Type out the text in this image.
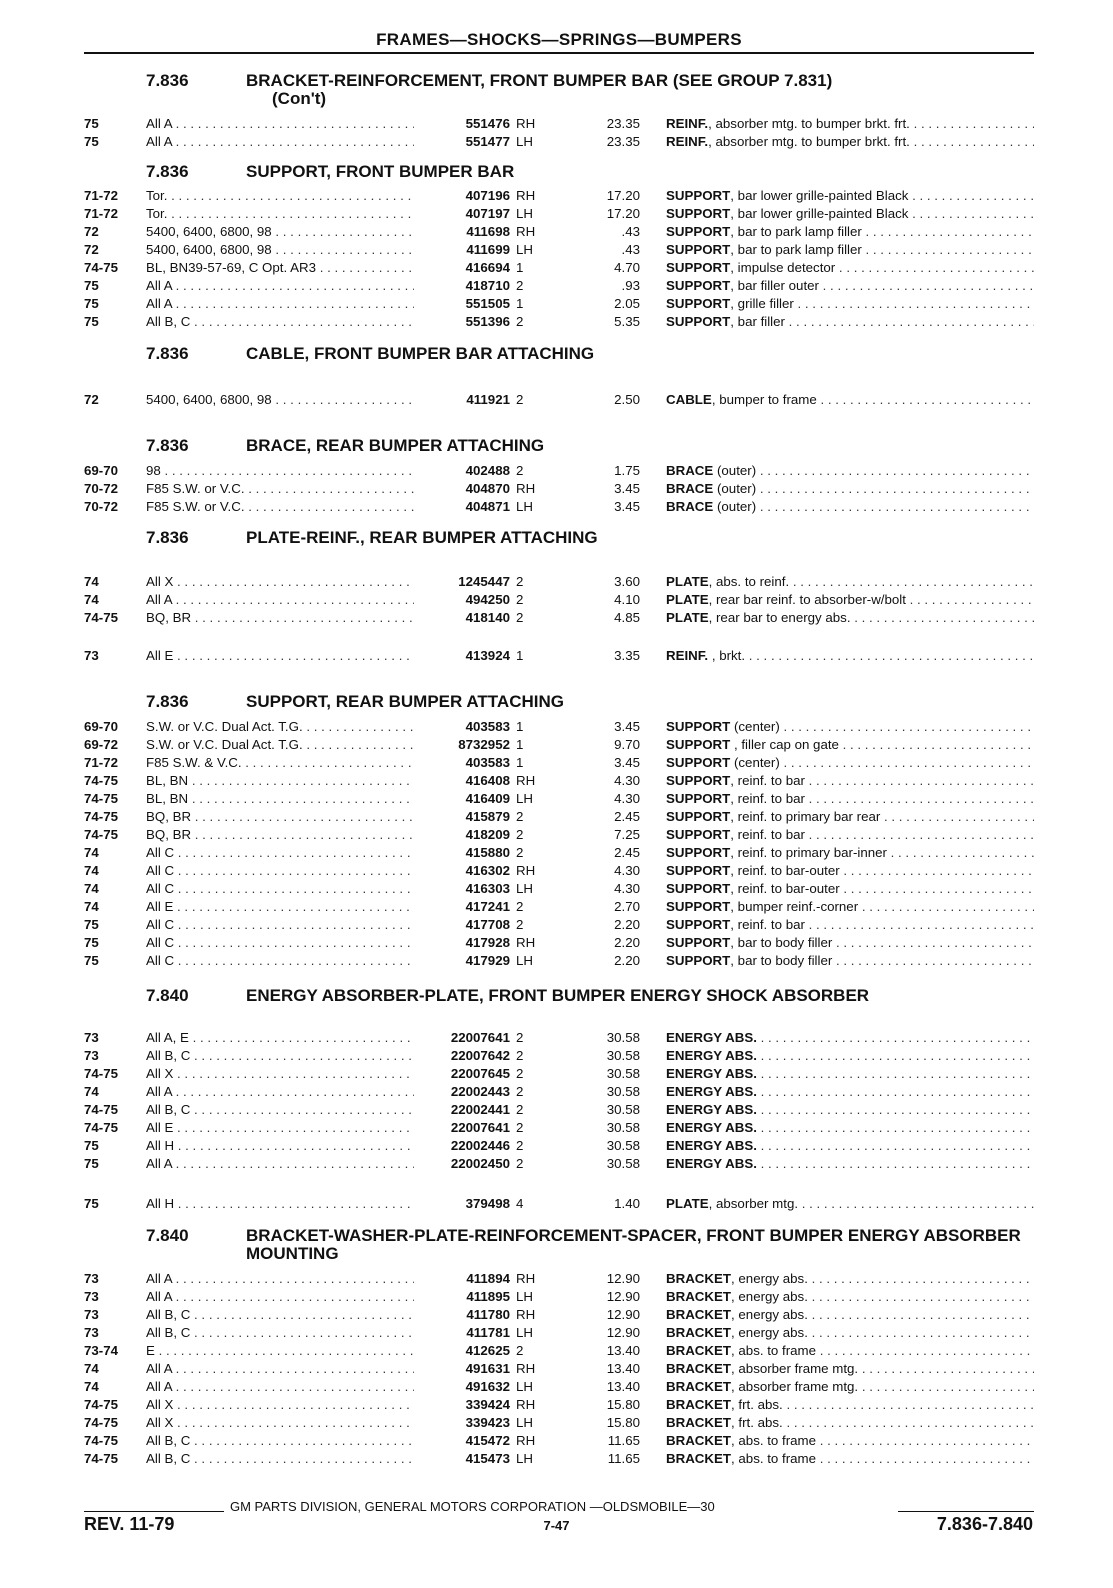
FRAMES—SHOCKS—SPRINGS—BUMPERS
7.836	BRACKET-REINFORCEMENT, FRONT BUMPER BAR (SEE GROUP 7.831)
(Con't)
75	All A . . .	551476 RH	23.35 REINF., absorber mtg. to bumper brkt. frt. . . .
75	All A . . .	551477 LH	23.35 REINF., absorber mtg. to bumper brkt. frt. . . .
7.836	SUPPORT, FRONT BUMPER BAR
71-72	Tor. . . .	407196 RH	17.20 SUPPORT, bar lower grille-painted Black . . .
71-72	Tor. . . .	407197 LH	17.20 SUPPORT, bar lower grille-painted Black . . .
72	5400, 6400, 6800, 98 . . .	411698 RH	.43 SUPPORT, bar to park lamp filler . . .
72	5400, 6400, 6800, 98 . . .	411699 LH	.43 SUPPORT, bar to park lamp filler . . .
74-75	BL, BN39-57-69, C Opt. AR3 . . .	416694 1	4.70 SUPPORT, impulse detector . . .
75	All A . . .	418710 2	.93 SUPPORT, bar filler outer . . .
75	All A . . .	551505 1	2.05 SUPPORT, grille filler . . .
75	All B, C . . .	551396 2	5.35 SUPPORT, bar filler . . .
7.836	CABLE, FRONT BUMPER BAR ATTACHING
72	5400, 6400, 6800, 98 . . .	411921 2	2.50 CABLE, bumper to frame . . .
7.836	BRACE, REAR BUMPER ATTACHING
69-70	98 . . .	402488 2	1.75 BRACE (outer) . . .
70-72	F85 S.W. or V.C. . . .	404870 RH	3.45 BRACE (outer) . . .
70-72	F85 S.W. or V.C. . . .	404871 LH	3.45 BRACE (outer) . . .
7.836	PLATE-REINF., REAR BUMPER ATTACHING
74	All X . . .	1245447 2	3.60 PLATE, abs. to reinf. . . .
74	All A . . .	494250 2	4.10 PLATE, rear bar reinf. to absorber-w/bolt . . .
74-75	BQ, BR . . .	418140 2	4.85 PLATE, rear bar to energy abs. . . .
73	All E . . .	413924 1	3.35 REINF. , brkt. . . .
7.836	SUPPORT, REAR BUMPER ATTACHING
69-70	S.W. or V.C. Dual Act. T.G. . . .	403583 1	3.45 SUPPORT (center) . . .
69-72	S.W. or V.C. Dual Act. T.G. . . .	8732952 1	9.70 SUPPORT , filler cap on gate . . .
71-72	F85 S.W. & V.C. . . .	403583 1	3.45 SUPPORT (center) . . .
74-75	BL, BN . . .	416408 RH	4.30 SUPPORT, reinf. to bar . . .
74-75	BL, BN . . .	416409 LH	4.30 SUPPORT, reinf. to bar . . .
74-75	BQ, BR . . .	415879 2	2.45 SUPPORT, reinf. to primary bar rear . . .
74-75	BQ, BR . . .	418209 2	7.25 SUPPORT, reinf. to bar . . .
74	All C . . .	415880 2	2.45 SUPPORT, reinf. to primary bar-inner . . .
74	All C . . .	416302 RH	4.30 SUPPORT, reinf. to bar-outer . . .
74	All C . . .	416303 LH	4.30 SUPPORT, reinf. to bar-outer . . .
74	All E . . .	417241 2	2.70 SUPPORT, bumper reinf.-corner . . .
75	All C . . .	417708 2	2.20 SUPPORT, reinf. to bar . . .
75	All C . . .	417928 RH	2.20 SUPPORT, bar to body filler . . .
75	All C . . .	417929 LH	2.20 SUPPORT, bar to body filler . . .
7.840	ENERGY ABSORBER-PLATE, FRONT BUMPER ENERGY SHOCK ABSORBER
73	All A, E . . .	22007641 2	30.58 ENERGY ABS. . . .
73	All B, C . . .	22007642 2	30.58 ENERGY ABS. . . .
74-75	All X . . .	22007645 2	30.58 ENERGY ABS. . . .
74	All A . . .	22002443 2	30.58 ENERGY ABS. . . .
74-75	All B, C . . .	22002441 2	30.58 ENERGY ABS. . . .
74-75	All E . . .	22007641 2	30.58 ENERGY ABS. . . .
75	All H . . .	22002446 2	30.58 ENERGY ABS. . . .
75	All A . . .	22002450 2	30.58 ENERGY ABS. . . .
75	All H . . .	379498 4	1.40 PLATE, absorber mtg. . . .
7.840	BRACKET-WASHER-PLATE-REINFORCEMENT-SPACER, FRONT BUMPER ENERGY ABSORBER MOUNTING
73	All A . . .	411894 RH	12.90 BRACKET, energy abs. . . .
73	All A . . .	411895 LH	12.90 BRACKET, energy abs. . . .
73	All B, C . . .	411780 RH	12.90 BRACKET, energy abs. . . .
73	All B, C . . .	411781 LH	12.90 BRACKET, energy abs. . . .
73-74	E . . .	412625 2	13.40 BRACKET, abs. to frame . . .
74	All A . . .	491631 RH	13.40 BRACKET, absorber frame mtg. . . .
74	All A . . .	491632 LH	13.40 BRACKET, absorber frame mtg. . . .
74-75	All X . . .	339424 RH	15.80 BRACKET, frt. abs. . . .
74-75	All X . . .	339423 LH	15.80 BRACKET, frt. abs. . . .
74-75	All B, C . . .	415472 RH	11.65 BRACKET, abs. to frame . . .
74-75	All B, C . . .	415473 LH	11.65 BRACKET, abs. to frame . . .
GM PARTS DIVISION, GENERAL MOTORS CORPORATION —OLDSMOBILE—30
REV. 11-79	7-47	7.836-7.840
